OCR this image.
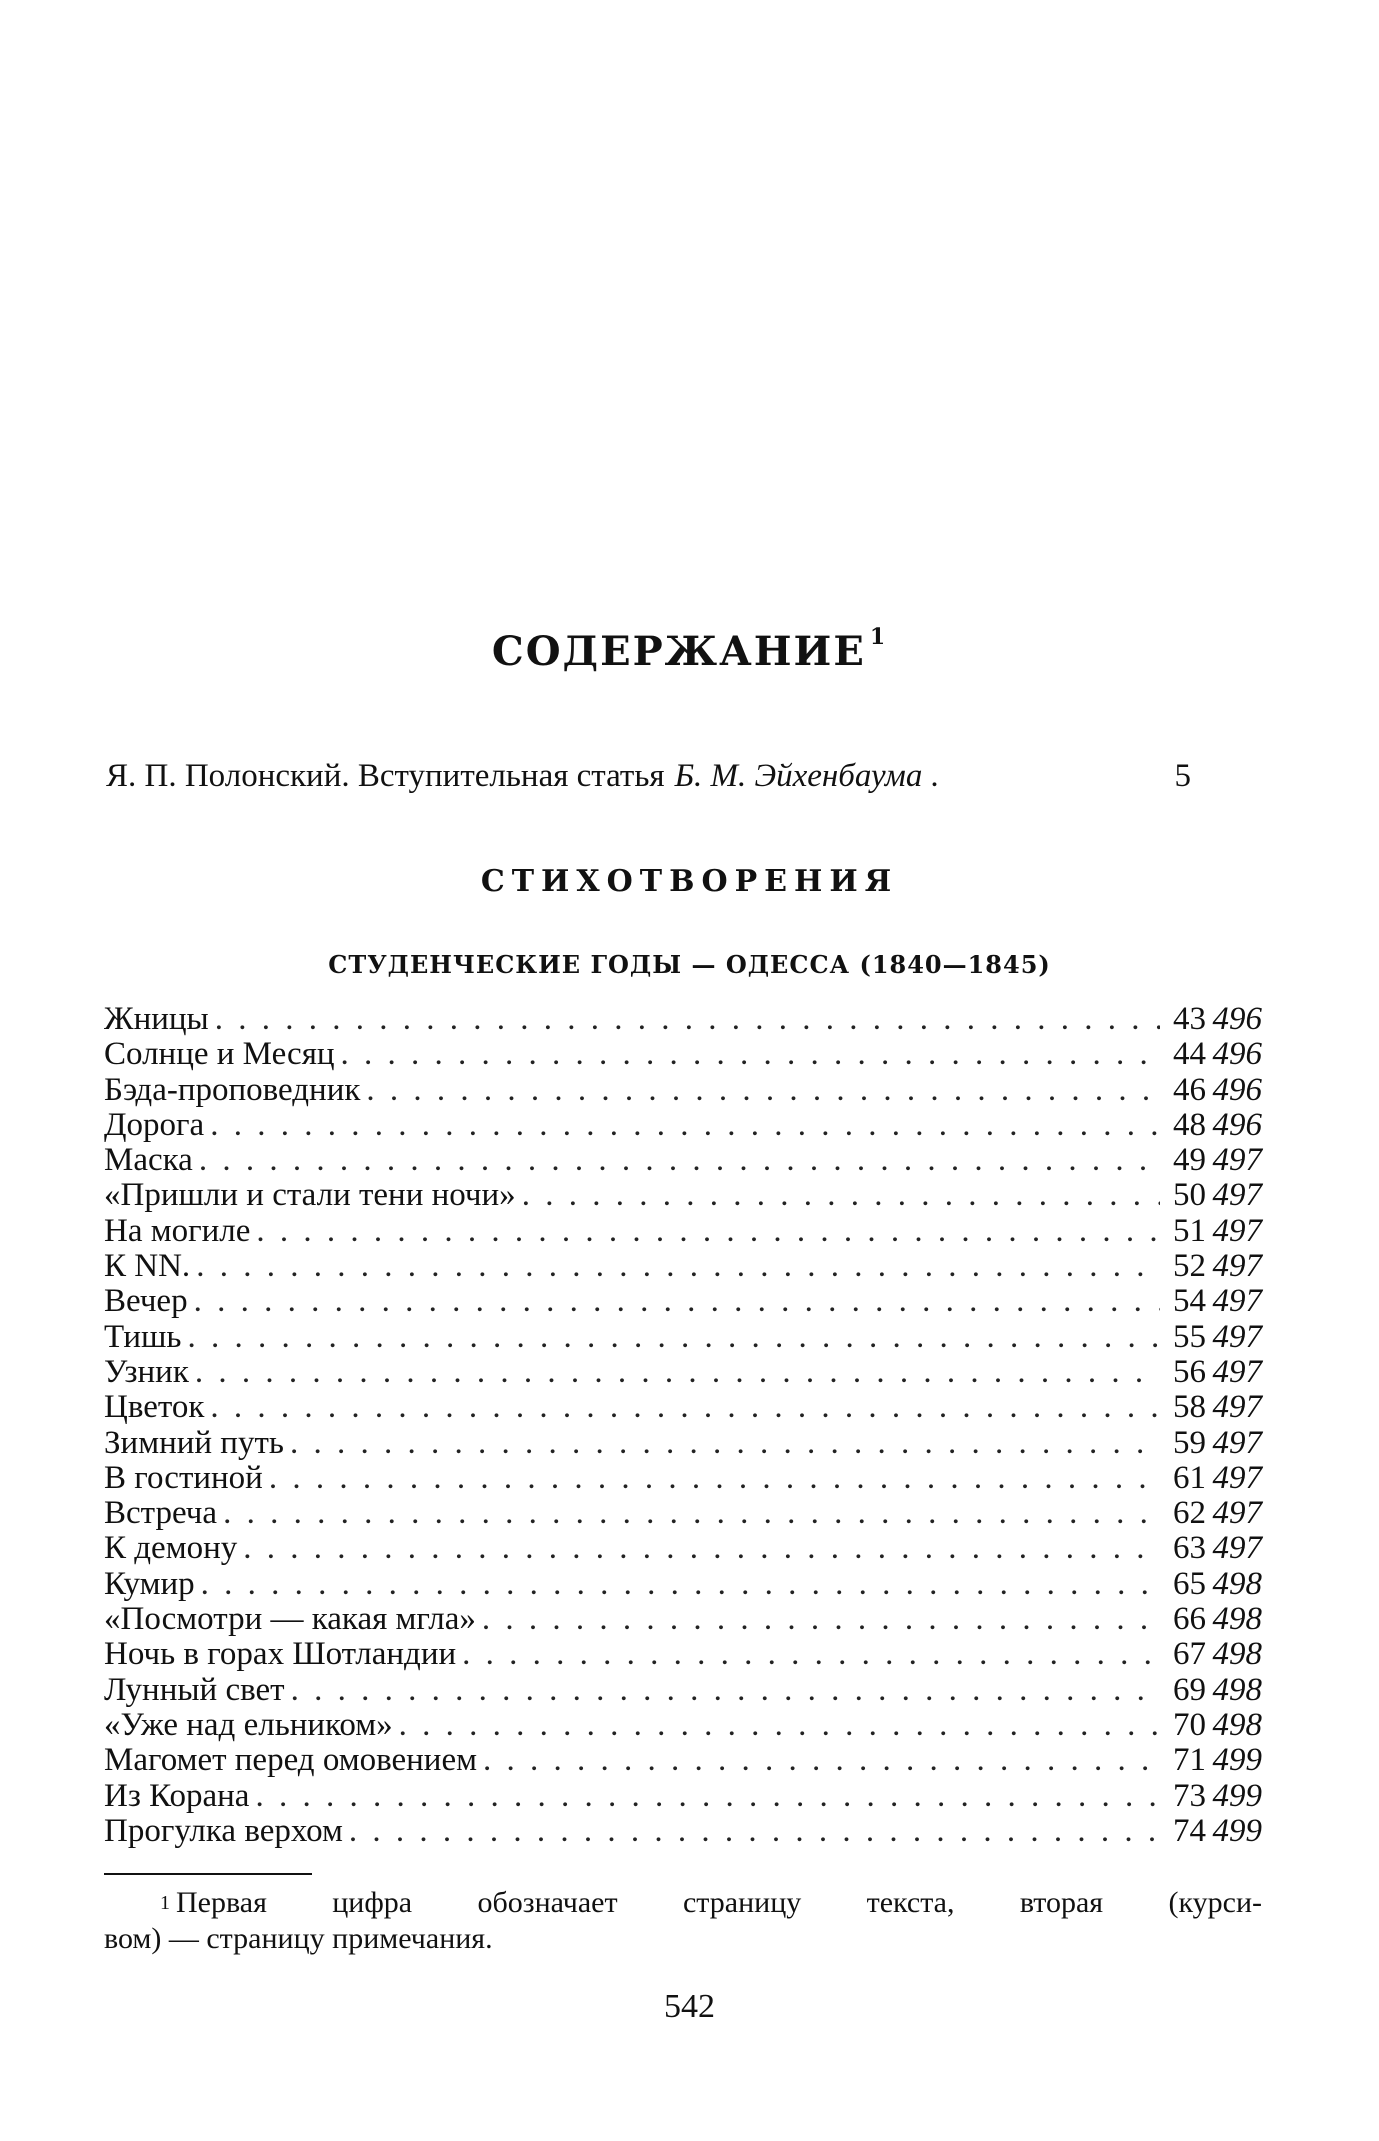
СОДЕРЖАНИЕ $^1$
Я. П. Полонский. Вступительная статья Б. М. Эйхенбаума .	5
СТИХОТВОРЕНИЯ
СТУДЕНЧЕСКИЕ ГОДЫ — ОДЕССА (1840—1845)
Жницы . . .	43 496
Солнце и Месяц . . .	44 496
Бэда-проповедник . . .	46 496
Дорога . . .	48 496
Маска . . .	49 497
«Пришли и стали тени ночи» . . .	50 497
На могиле . . .	51 497
К NN. . . .	52 497
Вечер . . .	54 497
Тишь . . .	55 497
Узник . . .	56 497
Цветок . . .	58 497
Зимний путь . . .	59 497
В гостиной . . .	61 497
Встреча . . .	62 497
К демону . . .	63 497
Кумир . . .	65 498
«Посмотри — какая мгла» . . .	66 498
Ночь в горах Шотландии . . .	67 498
Лунный свет . . .	69 498
«Уже над ельником» . . .	70 498
Магомет перед омовением . . .	71 499
Из Корана . . .	73 499
Прогулка верхом . . .	74 499
$^1$ Первая цифра обозначает страницу текста, вторая (курси-
вом) — страницу примечания.
542
